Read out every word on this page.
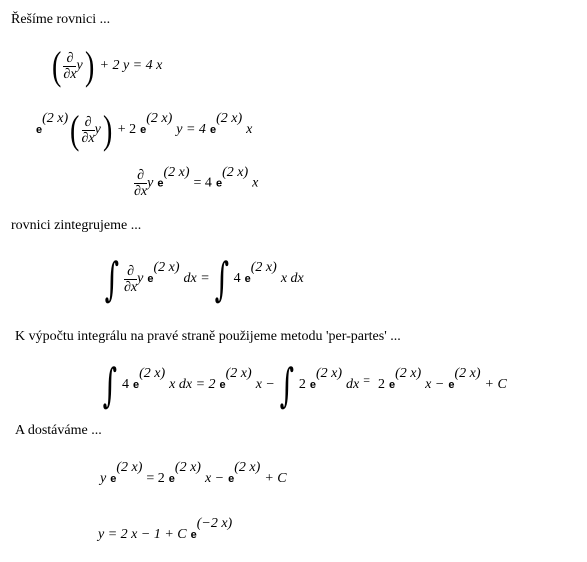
Řešíme rovnici ...
rovnici zintegrujeme ...
K výpočtu integrálu na pravé straně použijeme metodu 'per-partes' ...
A dostáváme ...
( $\frac{\partial}{\partial x} y) + 2$ y = 4 x
e(2 $x)( \frac{\partial}{\partial x} y) + 2$ e(2 x)y = 4 e(2 x)x
$\frac{\partial}{\partial x}$ y e(2 x)= 4 e(2 x)x
∫ $\frac{\partial}{\partial x}$ y e(2 x)dx = ∫ 4 e(2 x)x dx
∫ 4 e(2 x)x dx = 2 e(2 x)x − ∫ 2 e(2 x)dx = 2 e(2 x)x − e(2 x)+ C
y e(2 x)= 2 e(2 x)x − e(2 x)+ C
y = 2 x − 1 + C e(−2 x)
